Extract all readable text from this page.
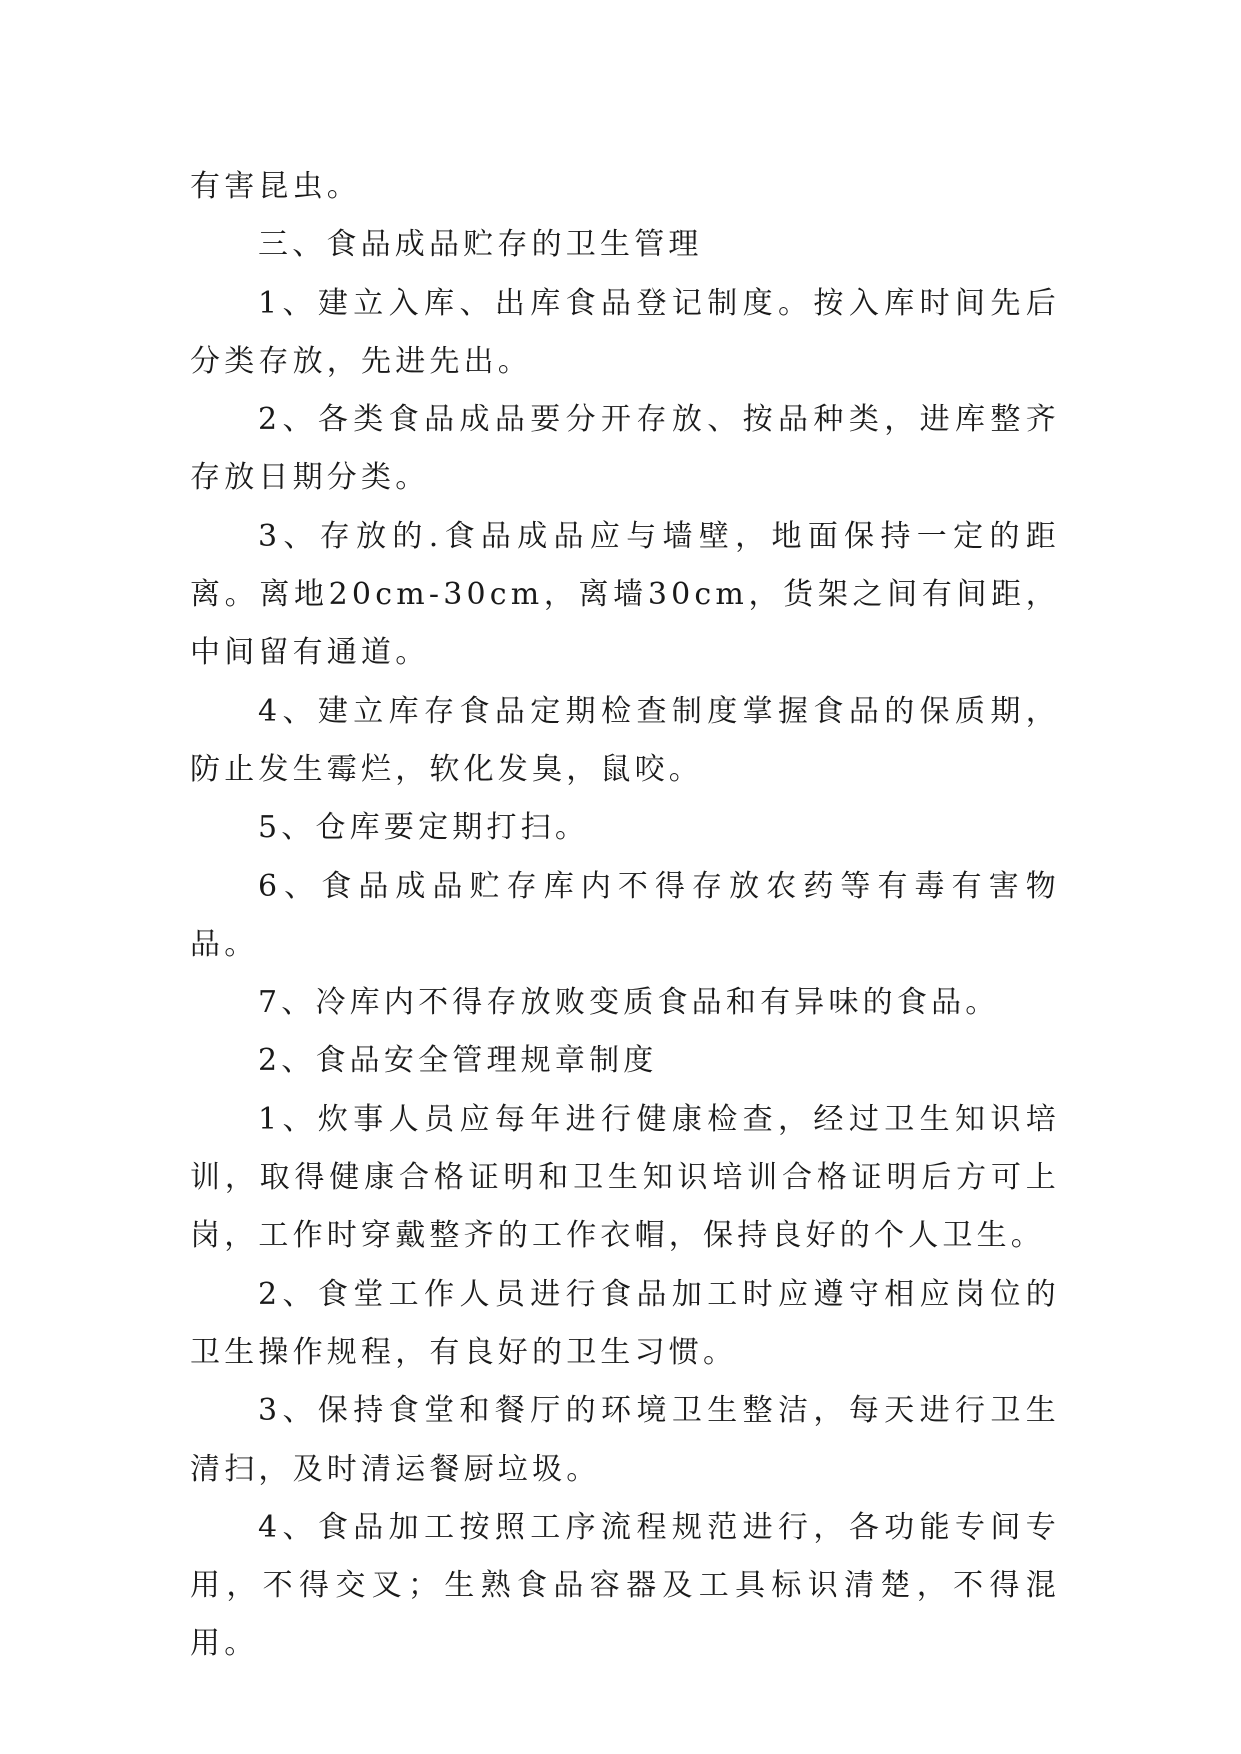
有害昆虫。

三、食品成品贮存的卫生管理

1、建立入库、出库食品登记制度。按入库时间先后分类存放，先进先出。

2、各类食品成品要分开存放、按品种类，进库整齐存放日期分类。

3、存放的.食品成品应与墙壁，地面保持一定的距离。离地20cm-30cm，离墙30cm，货架之间有间距，中间留有通道。

4、建立库存食品定期检查制度掌握食品的保质期，防止发生霉烂，软化发臭，鼠咬。

5、仓库要定期打扫。

6、食品成品贮存库内不得存放农药等有毒有害物品。

7、冷库内不得存放败变质食品和有异味的食品。

2、食品安全管理规章制度

1、炊事人员应每年进行健康检查，经过卫生知识培训，取得健康合格证明和卫生知识培训合格证明后方可上岗，工作时穿戴整齐的工作衣帽，保持良好的个人卫生。

2、食堂工作人员进行食品加工时应遵守相应岗位的卫生操作规程，有良好的卫生习惯。

3、保持食堂和餐厅的环境卫生整洁，每天进行卫生清扫，及时清运餐厨垃圾。

4、食品加工按照工序流程规范进行，各功能专间专用，不得交叉；生熟食品容器及工具标识清楚，不得混用。
